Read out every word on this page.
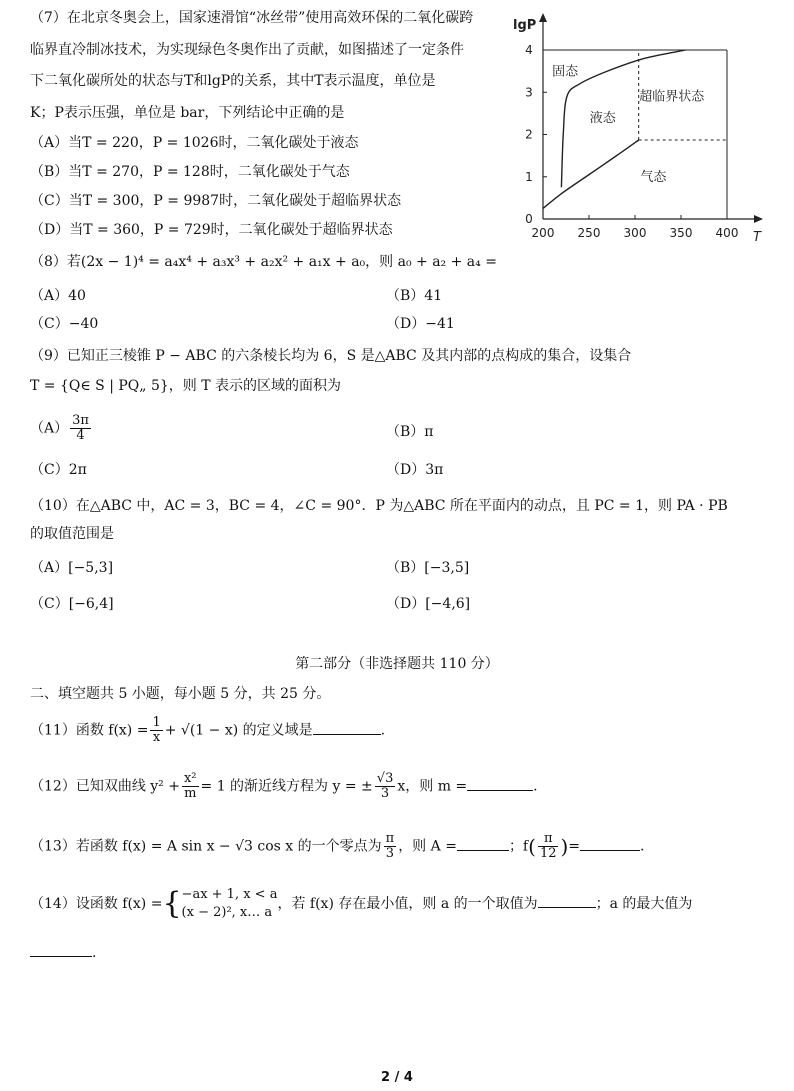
（7）在北京冬奥会上，国家速滑馆“冰丝带”使用高效环保的二氧化碳跨
临界直冷制冰技术，为实现绿色冬奥作出了贡献，如图描述了一定条件
下二氧化碳所处的状态与T和lgP的关系，其中T表示温度，单位是
K；P表示压强，单位是 bar，下列结论中正确的是
（A）当T = 220，P = 1026时，二氧化碳处于液态
（B）当T = 270，P = 128时，二氧化碳处于气态
（C）当T = 300，P = 9987时，二氧化碳处于超临界状态
（D）当T = 360，P = 729时，二氧化碳处于超临界状态	200 250 300 350 400
0
1
2
3
4
T
lgP
固态
液态
超临界状态
气态
（8）若(2x − 1)⁴ = a₄x⁴ + a₃x³ + a₂x² + a₁x + a₀，则 a₀ + a₂ + a₄ =
（A）40	（B）41
（C）−40	（D）−41
（9）已知正三棱锥 P − ABC 的六条棱长均为 6，S 是△ABC 及其内部的点构成的集合，设集合
T = {Q∈ S | PQ„ 5}，则 T 表示的区域的面积为
$(A) \frac{3\pi}{4}$	（B）π
（C）2π	（D）3π
（10）在△ABC 中，AC = 3，BC = 4，∠C = 90°．P 为△ABC 所在平面内的动点，且 PC = 1，则 PA · PB
的取值范围是
（A）[−5,3]	（B）[−3,5]
（C）[−6,4]	（D）[−4,6]
第二部分（非选择题共 110 分）
二、填空题共 5 小题，每小题 5 分，共 25 分。
（11）函数 $f(x) = \frac{1}{x} + √(1 - x)$ 的定义域是	.
（12）已知双曲线 $y^2 + \frac{\text{x²}}{m} = 1$ 的渐近线方程为 y = ± $\frac{√3}{3}$ x，则 m =	.
（13）若函数 f(x) = A sin x − √3 cos x 的一个零点为 $\frac{\pi}{3}$ ，则 A =	；$f( \frac{\pi}{12}$ )=	.
（14）设函数 f(x) ={ −ax + 1, x < a
(x − 2)², x… a
，若 f(x) 存在最小值，则 a 的一个取值为	；a 的最大值为
.
2 / 4
